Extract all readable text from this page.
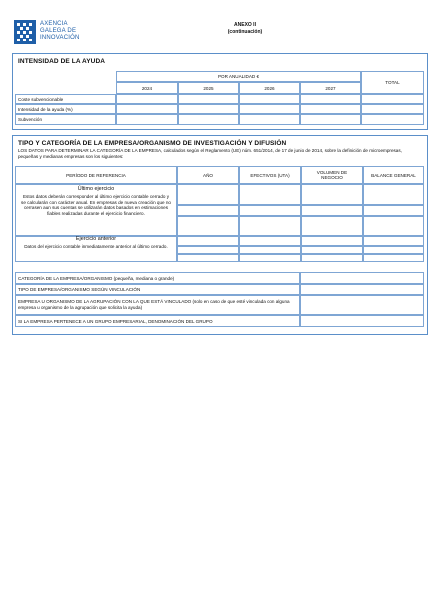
AXENCIA
GALEGA DE
INNOVACIÓN
ANEXO II
(continuación)
INTENSIDAD DE LA AYUDA
POR ANUALIDAD €
TOTAL
2024	2025	2026	2027
Coste subvencionable
Intensidad de la ayuda (%)
Subvención
TIPO Y CATEGORÍA DE LA EMPRESA/ORGANISMO DE INVESTIGACIÓN Y DIFUSIÓN
LOS DATOS PARA DETERMINAR LA CATEGORÍA DE LA EMPRESA, calculados según el Reglamento (UE) núm. 651/2014, de 17 de junio de 2014, sobre la definición de microempresas, pequeñas y medianas empresas son los siguientes:
PERÍODO DE REFERENCIA	AÑO	EFECTIVOS (UTA)	VOLUMEN DE NEGOCIO	BALANCE GENERAL
Último ejercicio
Estos datos deberán corresponder al último ejercicio contable cerrado y se calcularán con carácter anual. En empresas de nueva creación que no cerrasen aun sus cuentas se utilizarán datos basados en estimaciones fiables realizadas durante el ejercicio financiero.
Ejercicio anterior
Datos del ejercicio contable inmediatamente anterior al último cerrado.
CATEGORÍA DE LA EMPRESA/ORGANISMO (pequeña, mediana o grande)
TIPO DE EMPRESA/ORGANISMO SEGÚN VINCULACIÓN
EMPRESA U ORGANISMO DE LA AGRUPACIÓN CON LA QUE ESTÁ VINCULADO (solo en caso de que esté vinculada con alguna empresa u organismo de la agrupación que solicita la ayuda)
SI LA EMPRESA PERTENECE A UN GRUPO EMPRESARIAL, DENOMINACIÓN DEL GRUPO
